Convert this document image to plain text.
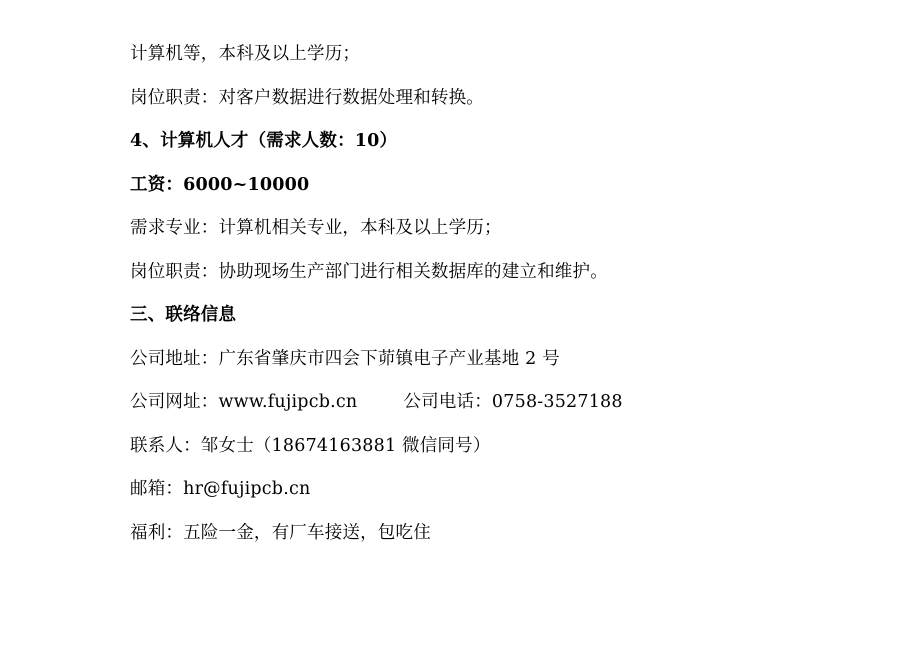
计算机等，本科及以上学历；

岗位职责：对客户数据进行数据处理和转换。

4、计算机人才（需求人数：10）

工资：6000~10000

需求专业：计算机相关专业，本科及以上学历；

岗位职责：协助现场生产部门进行相关数据库的建立和维护。

三、联络信息

公司地址：广东省肇庆市四会下茆镇电子产业基地 2 号

公司网址：www.fujipcb.cn        公司电话：0758-3527188

联系人：邹女士（18674163881 微信同号）

邮箱：hr@fujipcb.cn

福利：五险一金，有厂车接送，包吃住
